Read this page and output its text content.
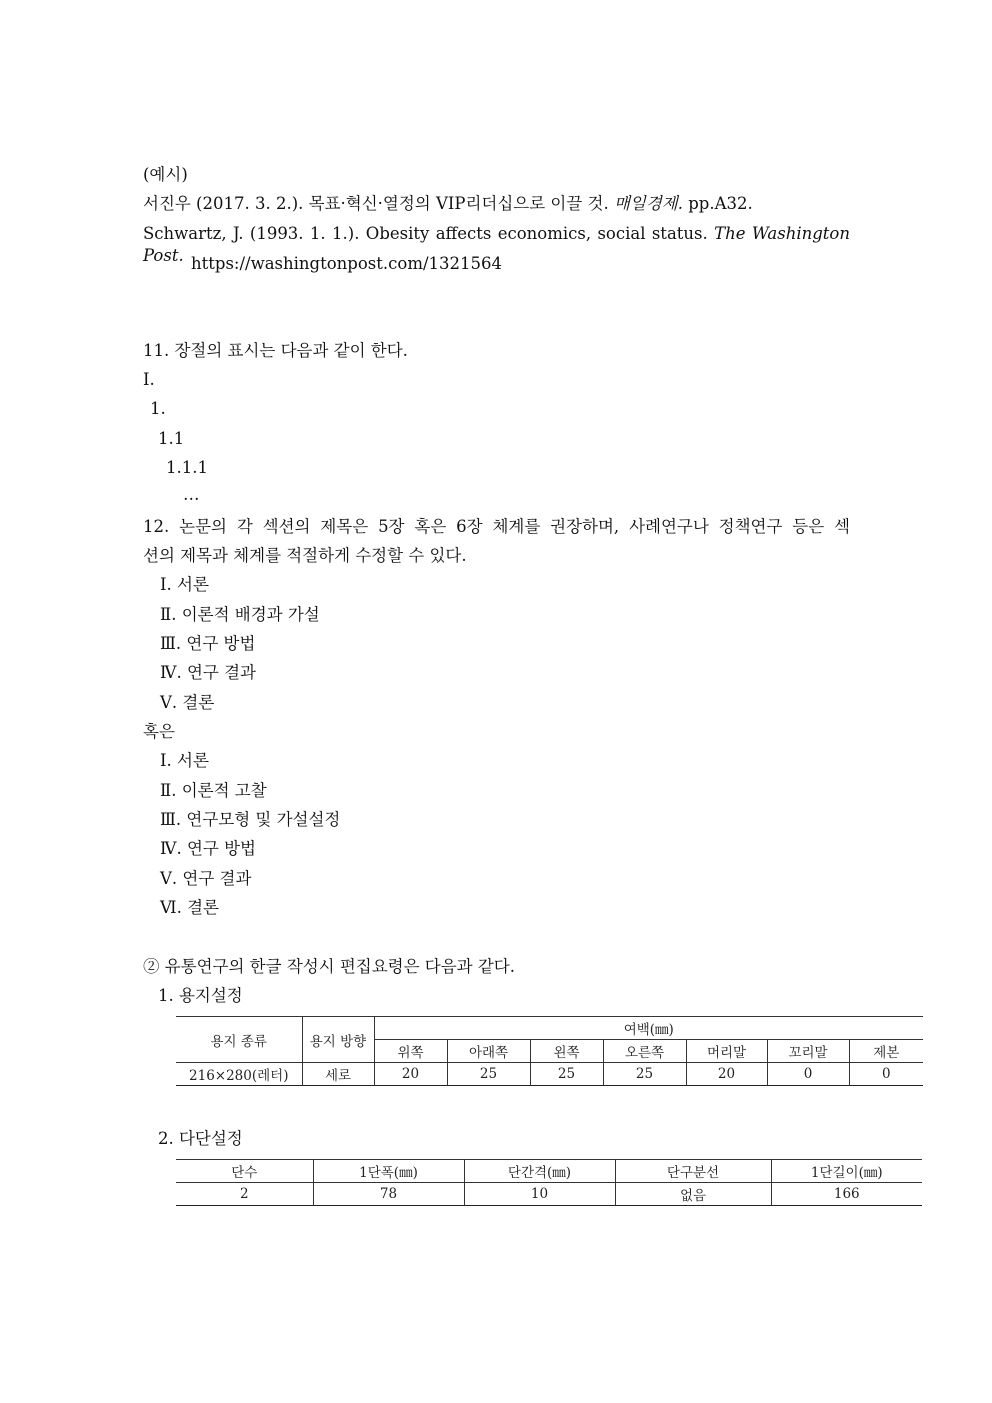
(예시)
서진우 (2017. 3. 2.). 목표·혁신·열정의 VIP리더십으로 이끌 것. 매일경제. pp.A32.
Schwartz, J. (1993. 1. 1.). Obesity affects economics, social status. The Washington Post. https://washingtonpost.com/1321564
11. 장절의 표시는 다음과 같이 한다.
I.
1.
1.1
1.1.1
…
12. 논문의 각 섹션의 제목은 5장 혹은 6장 체계를 권장하며, 사례연구나 정책연구 등은 섹
션의 제목과 체계를 적절하게 수정할 수 있다.
Ⅰ. 서론
Ⅱ. 이론적 배경과 가설
Ⅲ. 연구 방법
Ⅳ. 연구 결과
Ⅴ. 결론
혹은
Ⅰ. 서론
Ⅱ. 이론적 고찰
Ⅲ. 연구모형 및 가설설정
Ⅳ. 연구 방법
Ⅴ. 연구 결과
Ⅵ. 결론
② 유통연구의 한글 작성시 편집요령은 다음과 같다.
1. 용지설정
용지 종류	용지 방향	여백(㎜)						
		위쪽	아래쪽	왼쪽	오른쪽	머리말	꼬리말	제본
216×280(레터)	세로	20	25	25	25	20	0	0
2. 다단설정
단수	1단폭(㎜)	단간격(㎜)	단구분선	1단길이(㎜)
2	78	10	없음	166
